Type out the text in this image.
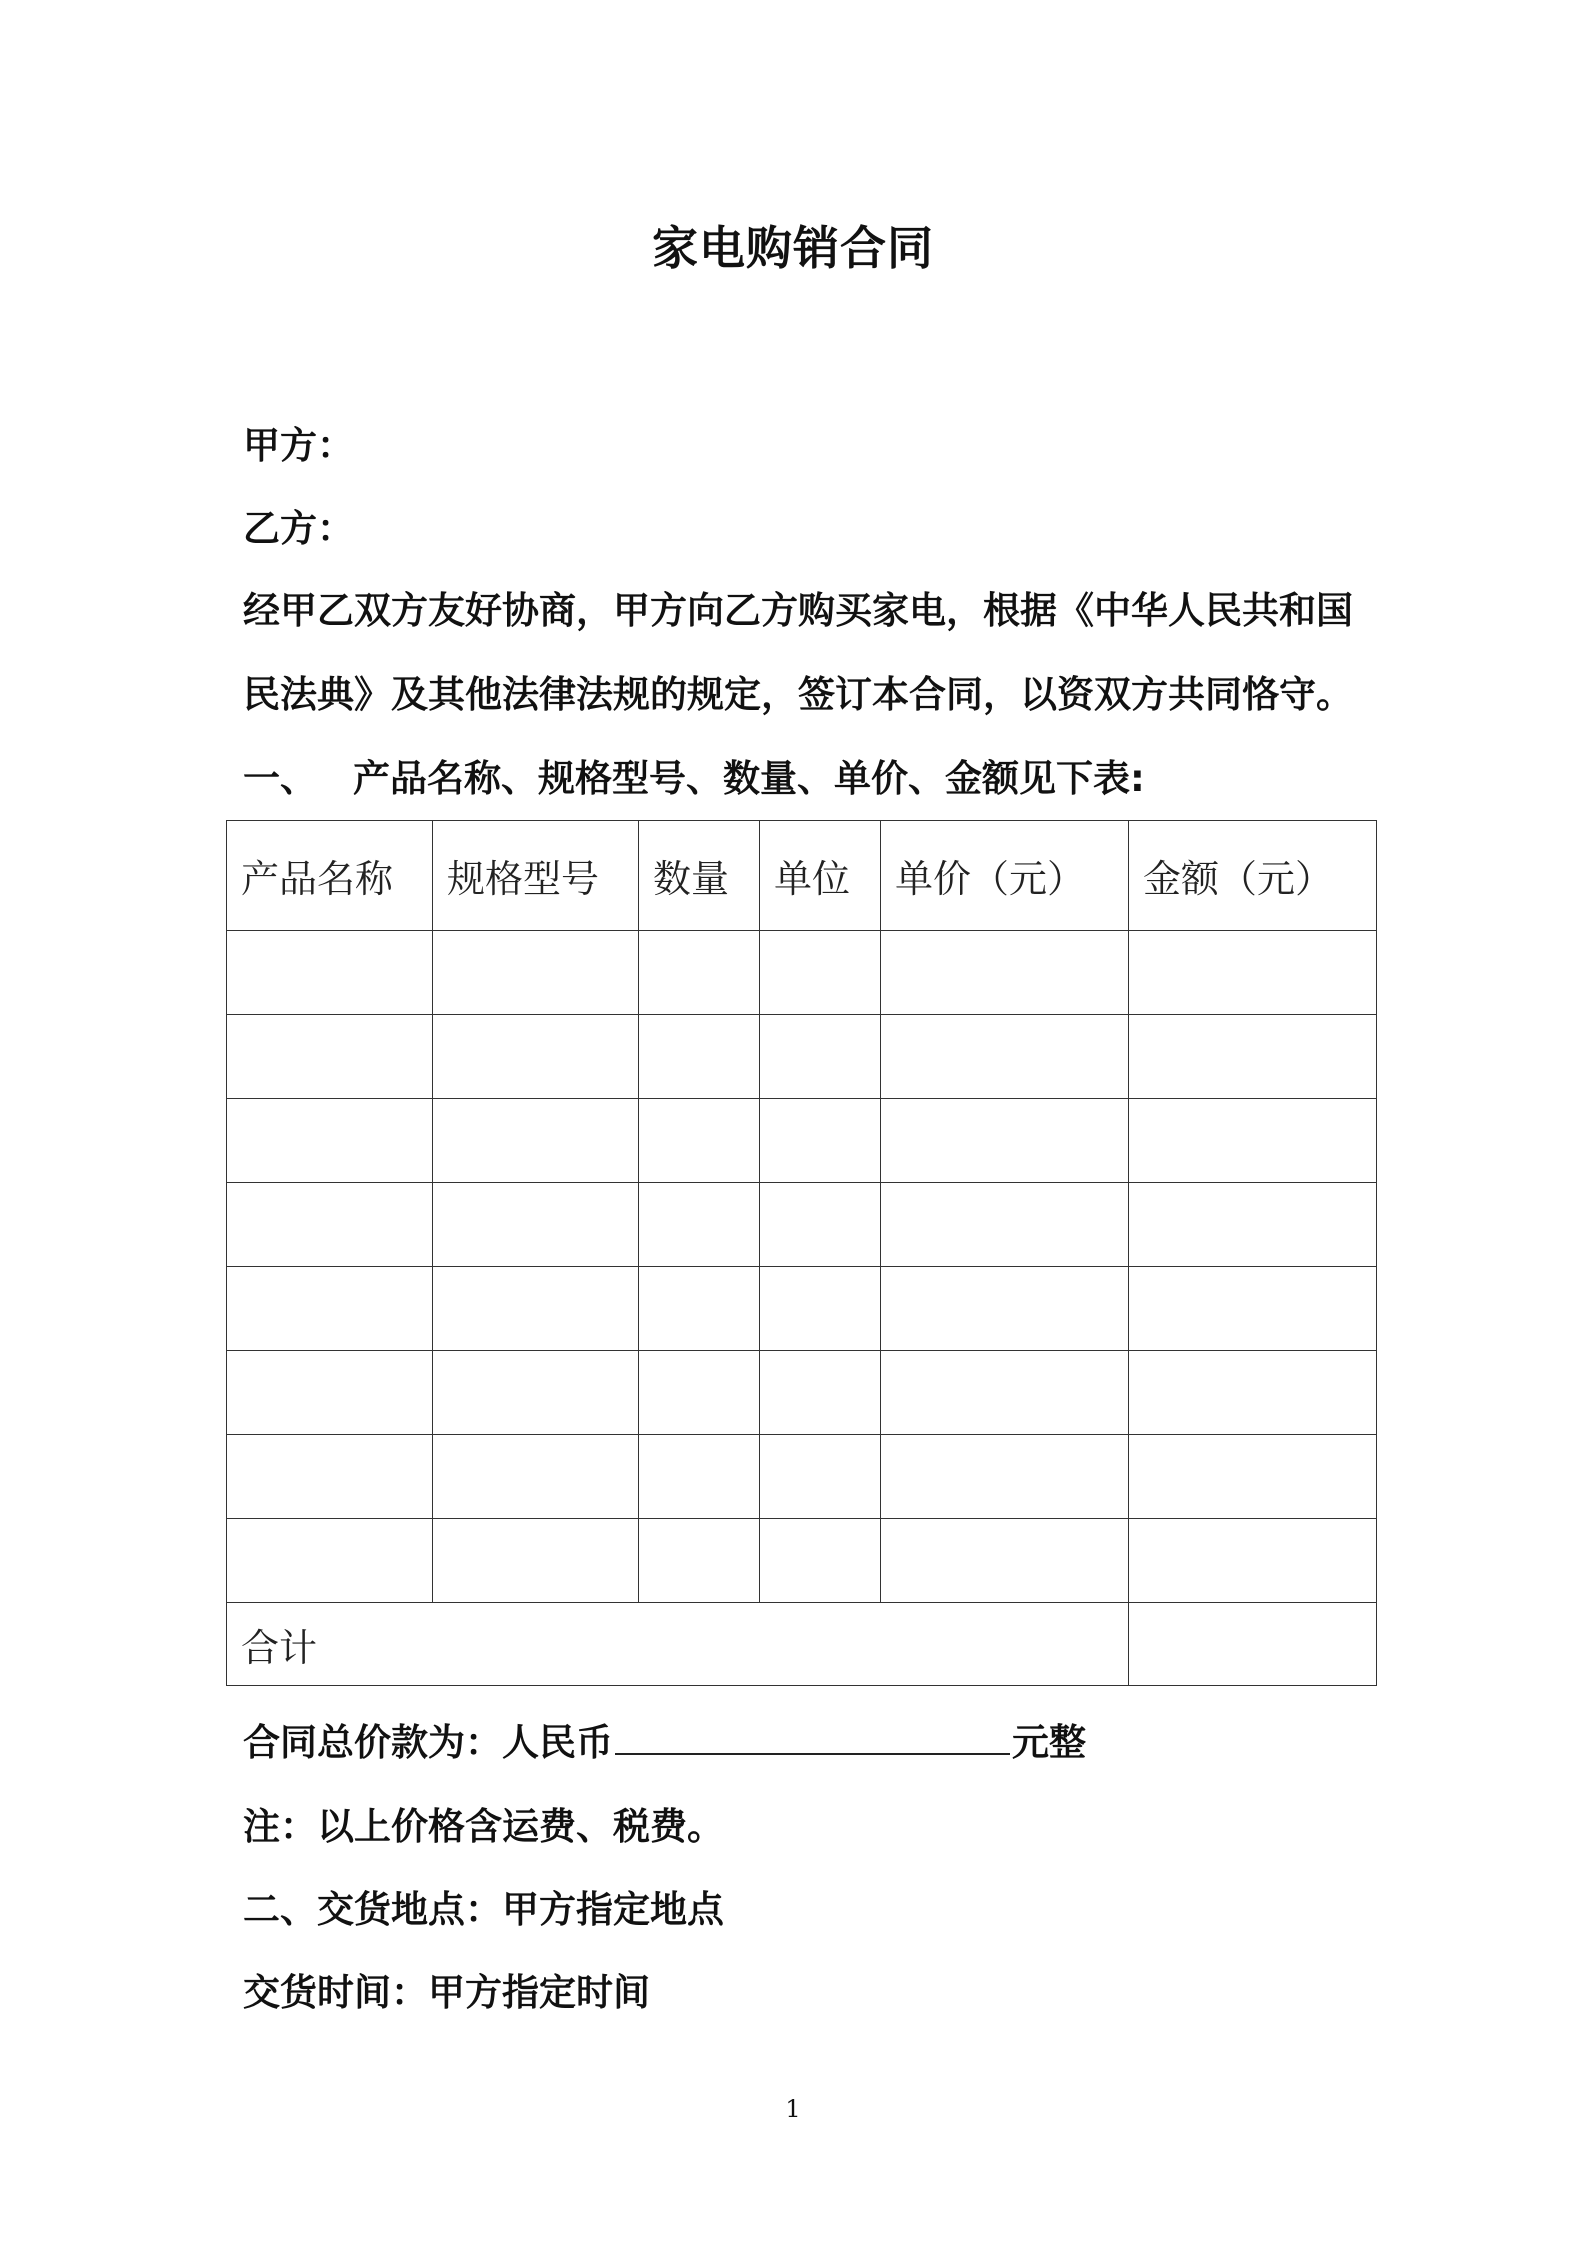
家电购销合同
甲方：
乙方：
经甲乙双方友好协商，甲方向乙方购买家电，根据《中华人民共和国
民法典》及其他法律法规的规定，签订本合同，以资双方共同恪守。
一、 产品名称、规格型号、数量、单价、金额见下表:
产品名称	规格型号	数量	单位	单价（元）	金额（元）

合计					
合同总价款为：人民币	元整
注：以上价格含运费、税费。
二、交货地点：甲方指定地点
交货时间：甲方指定时间
1
